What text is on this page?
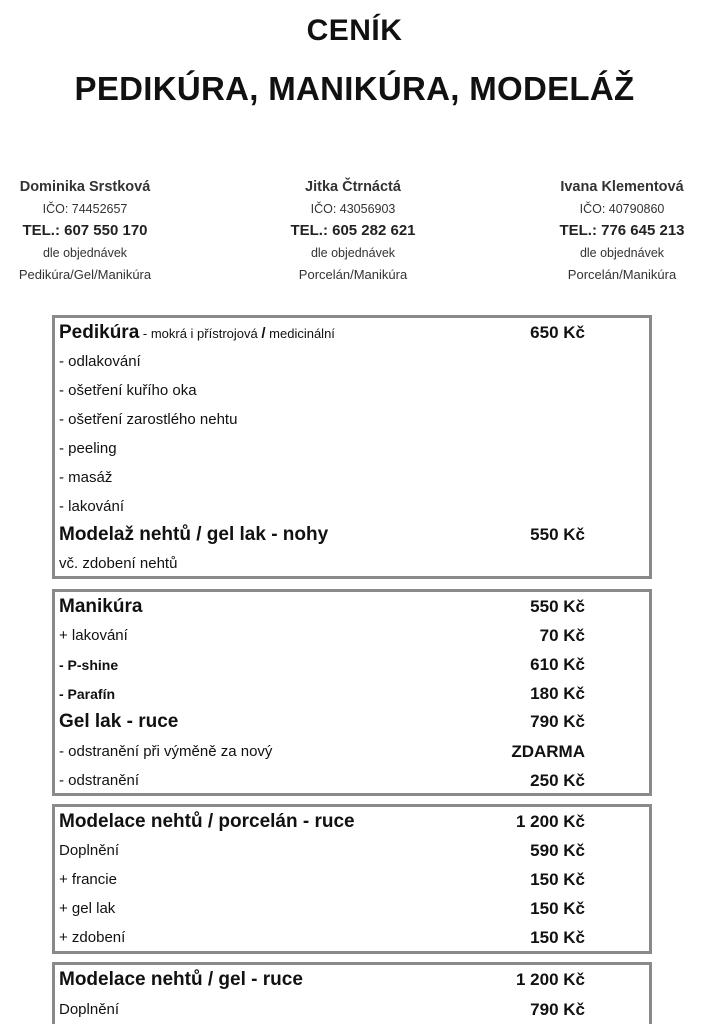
CENÍK
PEDIKÚRA, MANIKÚRA, MODELÁŽ
Dominika Srstková
IČO: 74452657
TEL.: 607 550 170
dle objednávek
Pedikúra/Gel/Manikúra
Jitka Čtrnáctá
IČO: 43056903
TEL.: 605 282 621
dle objednávek
Porcelán/Manikúra
Ivana Klementová
IČO: 40790860
TEL.: 776 645 213
dle objednávek
Porcelán/Manikúra
Pedikúra - mokrá i přístrojová / medicinální	650 Kč
- odlakování
- ošetření kuřího oka
- ošetření zarostlého nehtu
- peeling
- masáž
- lakování
Modelaž nehtů / gel lak - nohy	550 Kč
vč. zdobení nehtů
Manikúra	550 Kč
+ lakování	70 Kč
- P-shine	610 Kč
- Parafín	180 Kč
Gel lak - ruce	790 Kč
- odstranění při výměně za nový	ZDARMA
- odstranění	250 Kč
Modelace nehtů / porcelán - ruce	1 200 Kč
Doplnění	590 Kč
+ francie	150 Kč
+ gel lak	150 Kč
+ zdobení	150 Kč
Modelace nehtů / gel - ruce	1 200 Kč
Doplnění	790 Kč
